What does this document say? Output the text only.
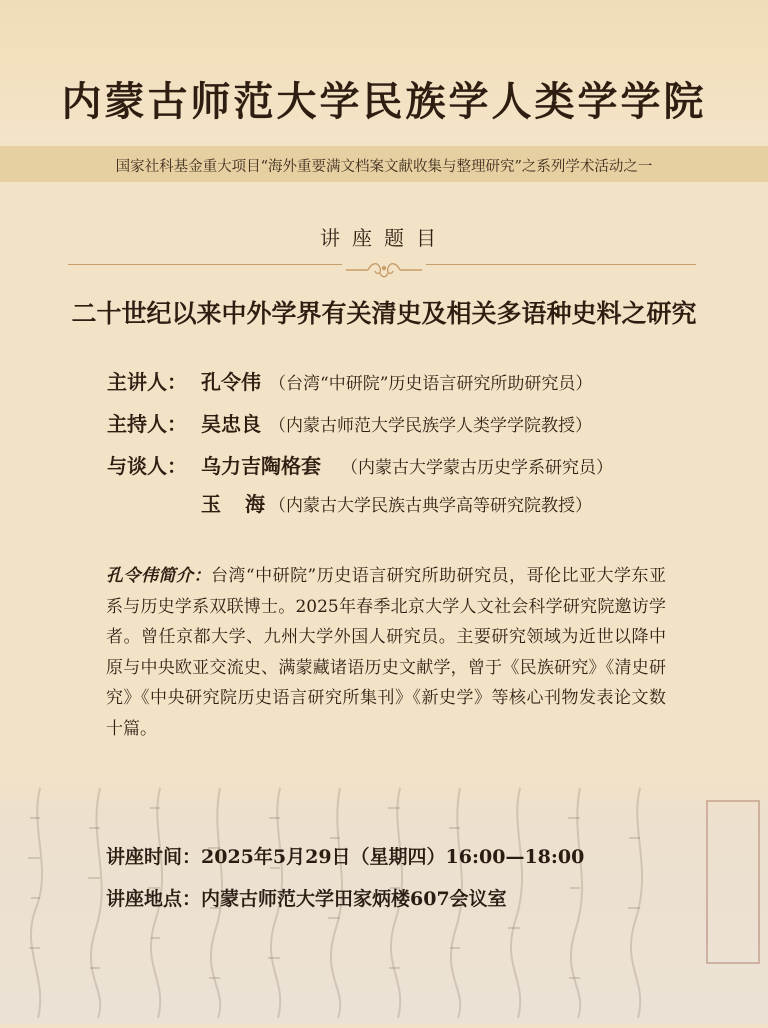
内蒙古师范大学民族学人类学学院
国家社科基金重大项目“海外重要满文档案文献收集与整理研究”之系列学术活动之一
讲座题目
二十世纪以来中外学界有关清史及相关多语种史料之研究
主讲人： 孔令伟 （台湾“中研院”历史语言研究所助研究员）
主持人： 吴忠良 （内蒙古师范大学民族学人类学学院教授）
与谈人： 乌力吉陶格套 （内蒙古大学蒙古历史学系研究员）
玉海
（内蒙古大学民族古典学高等研究院教授）
孔令伟简介：台湾“中研院”历史语言研究所助研究员，哥伦比亚大学东亚系与历史学系双联博士。2025年春季北京大学人文社会科学研究院邀访学者。曾任京都大学、九州大学外国人研究员。主要研究领域为近世以降中原与中央欧亚交流史、满蒙藏诸语历史文献学，曾于《民族研究》《清史研究》《中央研究院历史语言研究所集刊》《新史学》等核心刊物发表论文数十篇。
讲座时间：2025年5月29日（星期四）16:00—18:00
讲座地点：内蒙古师范大学田家炳楼607会议室
